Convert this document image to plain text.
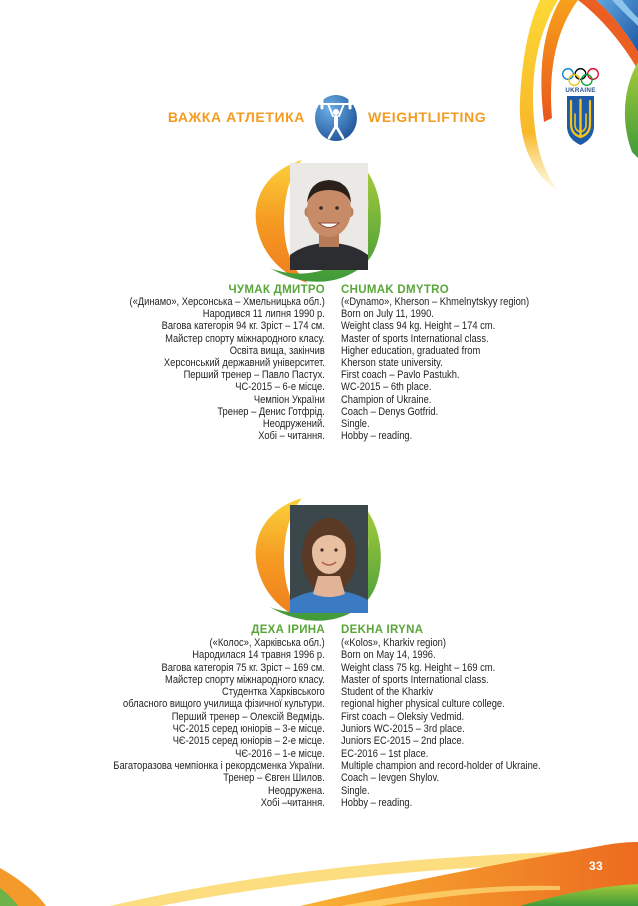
ВАЖКА АТЛЕТИКА	WEIGHTLIFTING
UKRAINE
ЧУМАК ДМИТРО CHUMAK DMYTRO
(«Динамо», Херсонська – Хмельницька обл.)
Народився 11 липня 1990 р.
Вагова категорія 94 кг. Зріст – 174 см.
Майстер спорту міжнародного класу.
Освіта вища, закінчив
Херсонський державний університет.
Перший тренер – Павло Пастух.
ЧС-2015 – 6-е місце.
Чемпіон України
Тренер – Денис Готфрід.
Неодружений.
Хобі – читання.
(«Dynamo», Kherson – Khmelnytskyy region)
Born on July 11, 1990.
Weight class 94 kg. Height – 174 cm.
Master of sports International class.
Higher education, graduated from
Kherson state university.
First coach – Pavlo Pastukh.
WC-2015 – 6th place.
Champion of Ukraine.
Coach – Denys Gotfrid.
Single.
Hobby – reading.
ДЕХА ІРИНА DEKHA IRYNA
(«Колос», Харківська обл.)
Народилася 14 травня 1996 р.
Вагова категорія 75 кг. Зріст – 169 см.
Майстер спорту міжнародного класу.
Студентка Харківського
обласного вищого училища фізичної культури.
Перший тренер – Олексій Ведмідь.
ЧС-2015 серед юніорів – 3-е місце.
ЧЄ-2015 серед юніорів – 2-е місце.
ЧЄ-2016 – 1-е місце.
Багаторазова чемпіонка і рекордсменка України.
Тренер – Євген Шилов.
Неодружена.
Хобі –читання.
(«Kolos», Kharkiv region)
Born on May 14, 1996.
Weight class 75 kg. Height – 169 cm.
Master of sports International class.
Student of the Kharkiv
regional higher physical culture college.
First coach – Oleksiy Vedmid.
Juniors WC-2015 – 3rd place.
Juniors EC-2015 – 2nd place.
EC-2016 – 1st place.
Multiple champion and record-holder of Ukraine.
Coach – Ievgen Shylov.
Single.
Hobby – reading.
33
